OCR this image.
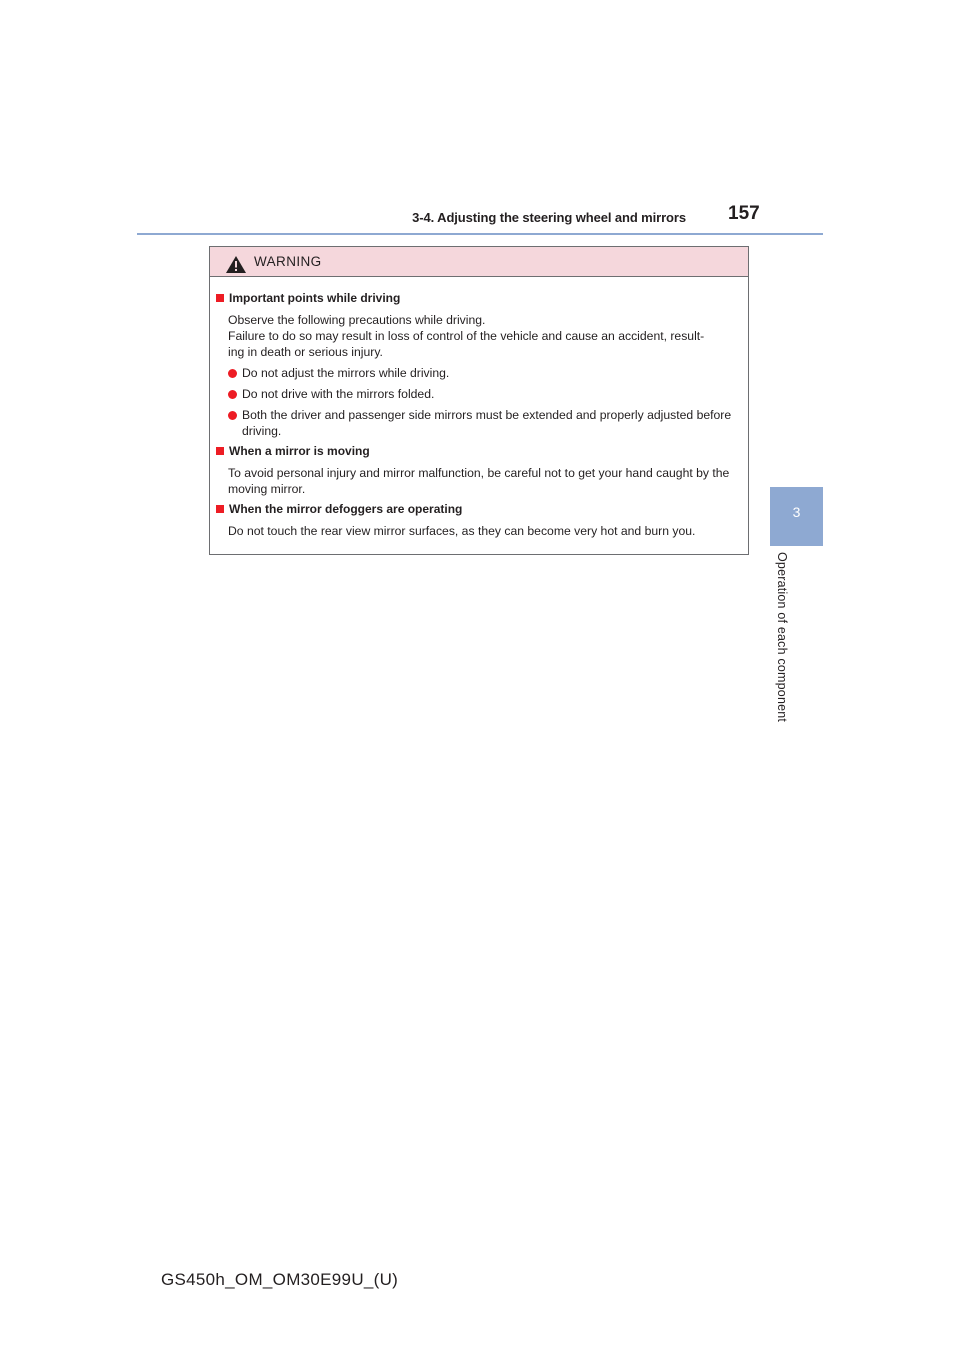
3-4. Adjusting the steering wheel and mirrors 157
3
Operation of each component
WARNING
Important points while driving
Observe the following precautions while driving.
Failure to do so may result in loss of control of the vehicle and cause an accident, result-
ing in death or serious injury.
Do not adjust the mirrors while driving.
Do not drive with the mirrors folded.
Both the driver and passenger side mirrors must be extended and properly adjusted before driving.
When a mirror is moving
To avoid personal injury and mirror malfunction, be careful not to get your hand caught by the moving mirror.
When the mirror defoggers are operating
Do not touch the rear view mirror surfaces, as they can become very hot and burn you.
GS450h_OM_OM30E99U_(U)
